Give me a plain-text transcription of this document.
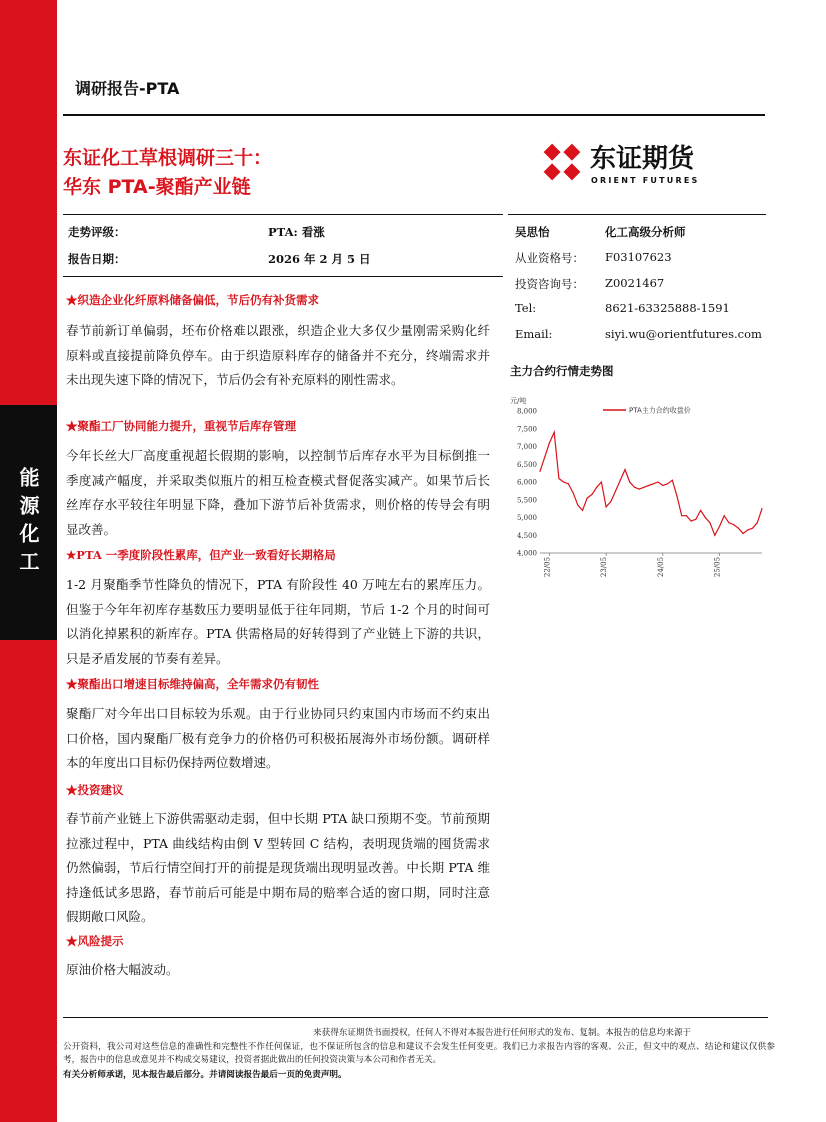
能源化工
调研报告-PTA
东证化工草根调研三十：
华东 PTA-聚酯产业链
东证期货
ORIENT FUTURES
走势评级：	PTA: 看涨
报告日期：	2026 年 2 月 5 日
吴思怡	化工高级分析师
从业资格号： F03107623
投资咨询号： Z0021467
Tel:	8621-63325888-1591
Email:	siyi.wu@orientfutures.com
主力合约行情走势图
元/吨
8,000
7,500
7,000
6,500
6,000
5,500
5,000
4,500
4,000
22/05	23/05	24/05	25/05
PTA主力合约收盘价
★织造企业化纤原料储备偏低，节后仍有补货需求
春节前新订单偏弱，坯布价格难以跟涨，织造企业大多仅少量刚需采购化纤原料或直接提前降负停车。由于织造原料库存的储备并不充分，终端需求并未出现失速下降的情况下，节后仍会有补充原料的刚性需求。
★聚酯工厂协同能力提升，重视节后库存管理
今年长丝大厂高度重视超长假期的影响，以控制节后库存水平为目标倒推一季度减产幅度，并采取类似瓶片的相互检查模式督促落实减产。如果节后长丝库存水平较往年明显下降，叠加下游节后补货需求，则价格的传导会有明显改善。
★PTA 一季度阶段性累库，但产业一致看好长期格局
1-2 月聚酯季节性降负的情况下，PTA 有阶段性 40 万吨左右的累库压力。但鉴于今年年初库存基数压力要明显低于往年同期，节后 1-2 个月的时间可以消化掉累积的新库存。PTA 供需格局的好转得到了产业链上下游的共识，只是矛盾发展的节奏有差异。
★聚酯出口增速目标维持偏高，全年需求仍有韧性
聚酯厂对今年出口目标较为乐观。由于行业协同只约束国内市场而不约束出口价格，国内聚酯厂极有竞争力的价格仍可积极拓展海外市场份额。调研样本的年度出口目标仍保持两位数增速。
★投资建议
春节前产业链上下游供需驱动走弱，但中长期 PTA 缺口预期不变。节前预期拉涨过程中，PTA 曲线结构由倒 V 型转回 C 结构，表明现货端的囤货需求仍然偏弱，节后行情空间打开的前提是现货端出现明显改善。中长期 PTA 维持逢低试多思路，春节前后可能是中期布局的赔率合适的窗口期，同时注意假期敞口风险。
★风险提示
原油价格大幅波动。
来获得东证期货书面授权，任何人不得对本报告进行任何形式的发布、复制。本报告的信息均来源于
公开资料，我公司对这些信息的准确性和完整性不作任何保证，也不保证所包含的信息和建议不会发生任何变更。我们已力求报告内容的客观、公正，但文中的观点、结论和建议仅供参考，报告中的信息或意见并不构成交易建议，投资者据此做出的任何投资决策与本公司和作者无关。
有关分析师承诺，见本报告最后部分。并请阅读报告最后一页的免责声明。
